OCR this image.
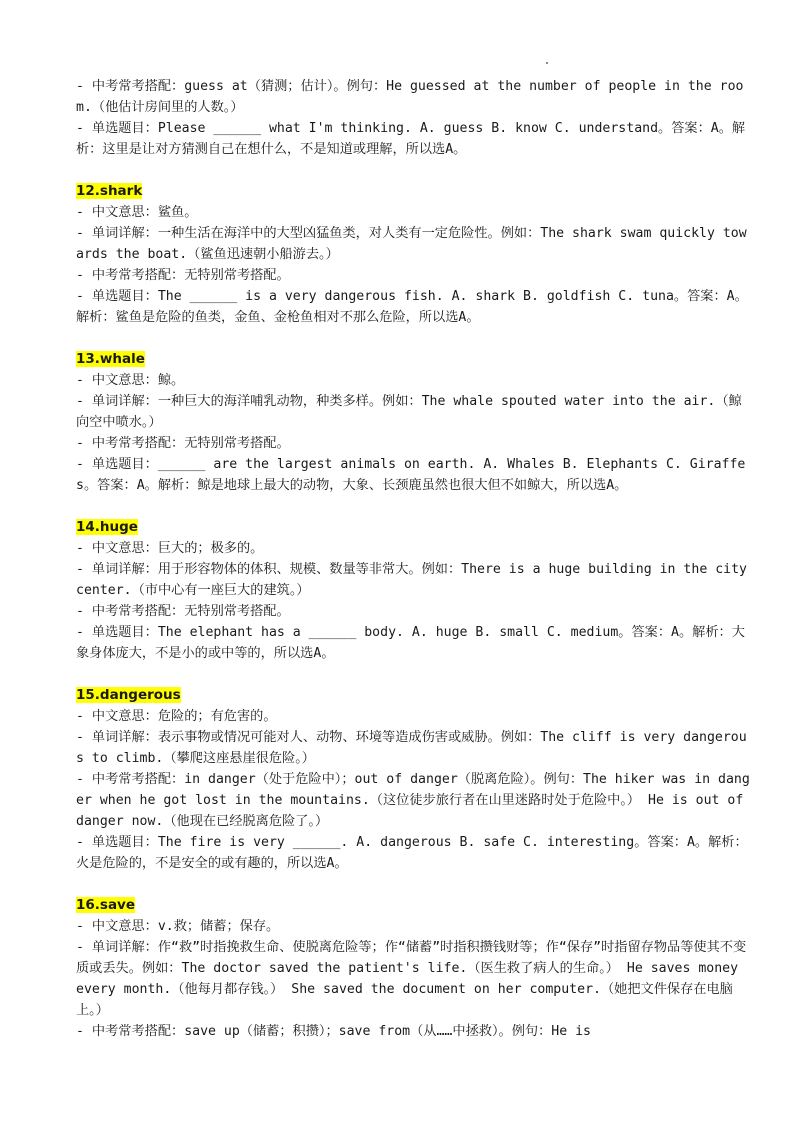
- 中考常考搭配：guess at（猜测；估计）。例句：He guessed at the number of people in the room.（他估计房间里的人数。）

- 单选题目：Please ______ what I'm thinking. A. guess B. know C. understand。答案：A。解析：这里是让对方猜测自己在想什么，不是知道或理解，所以选A。

12.shark

- 中文意思：鲨鱼。

- 单词详解：一种生活在海洋中的大型凶猛鱼类，对人类有一定危险性。例如：The shark swam quickly towards the boat.（鲨鱼迅速朝小船游去。）

- 中考常考搭配：无特别常考搭配。

- 单选题目：The ______ is a very dangerous fish. A. shark B. goldfish C. tuna。答案：A。解析：鲨鱼是危险的鱼类，金鱼、金枪鱼相对不那么危险，所以选A。

13.whale

- 中文意思：鲸。

- 单词详解：一种巨大的海洋哺乳动物，种类多样。例如：The whale spouted water into the air.（鲸向空中喷水。）

- 中考常考搭配：无特别常考搭配。

- 单选题目：______ are the largest animals on earth. A. Whales B. Elephants C. Giraffes。答案：A。解析：鲸是地球上最大的动物，大象、长颈鹿虽然也很大但不如鲸大，所以选A。

14.huge

- 中文意思：巨大的；极多的。

- 单词详解：用于形容物体的体积、规模、数量等非常大。例如：There is a huge building in the city center.（市中心有一座巨大的建筑。）

- 中考常考搭配：无特别常考搭配。

- 单选题目：The elephant has a ______ body. A. huge B. small C. medium。答案：A。解析：大象身体庞大，不是小的或中等的，所以选A。

15.dangerous

- 中文意思：危险的；有危害的。

- 单词详解：表示事物或情况可能对人、动物、环境等造成伤害或威胁。例如：The cliff is very dangerous to climb.（攀爬这座悬崖很危险。）

- 中考常考搭配：in danger（处于危险中）；out of danger（脱离危险）。例句：The hiker was in danger when he got lost in the mountains.（这位徒步旅行者在山里迷路时处于危险中。） He is out of danger now.（他现在已经脱离危险了。）

- 单选题目：The fire is very ______. A. dangerous B. safe C. interesting。答案：A。解析：火是危险的，不是安全的或有趣的，所以选A。

16.save

- 中文意思：v.救；储蓄；保存。

- 单词详解：作“救”时指挽救生命、使脱离危险等；作“储蓄”时指积攒钱财等；作“保存”时指留存物品等使其不变质或丢失。例如：The doctor saved the patient's life.（医生救了病人的生命。） He saves money every month.（他每月都存钱。） She saved the document on her computer.（她把文件保存在电脑上。）

- 中考常考搭配：save up（储蓄；积攒）；save from（从……中拯救）。例句：He is
